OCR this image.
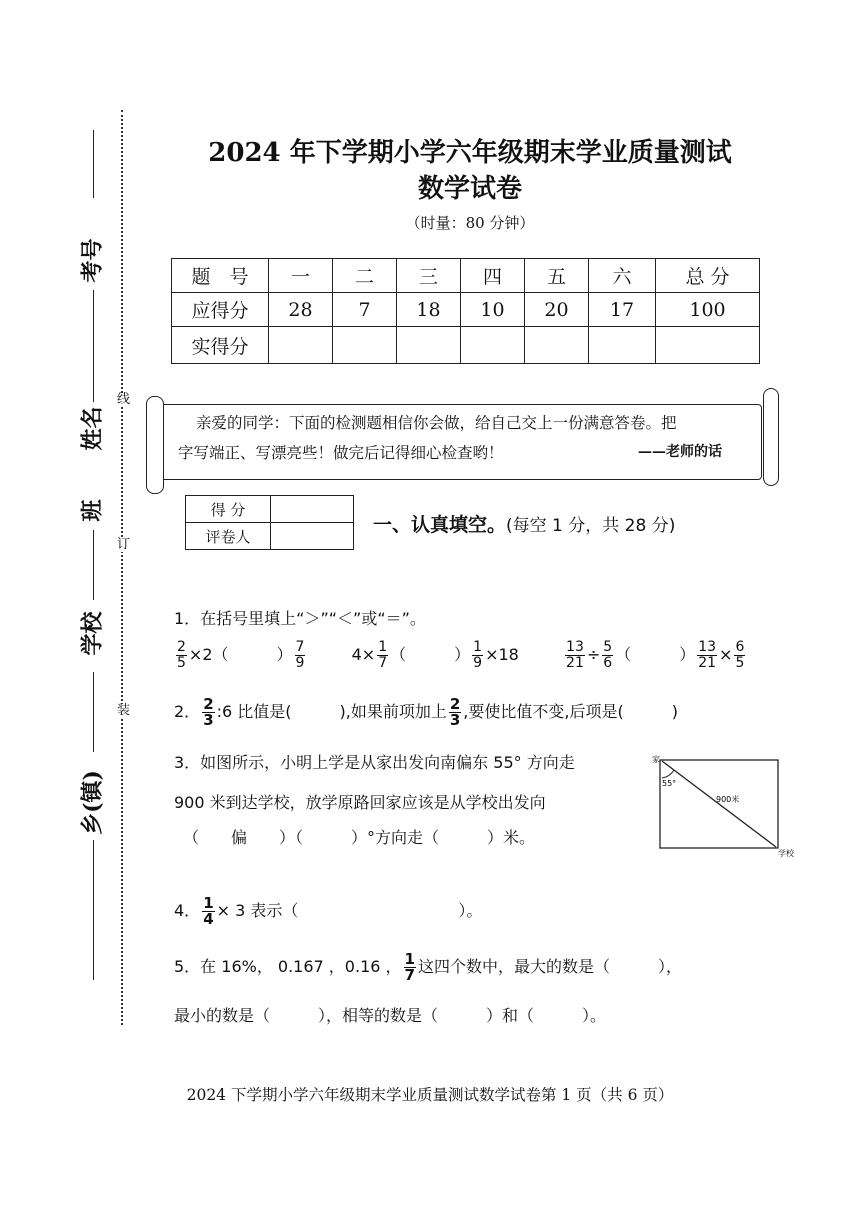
线
订
装
考号
姓名
班
学校
乡(镇)
2024 年下学期小学六年级期末学业质量测试
数学试卷
（时量：80 分钟）
题　号	一	二	三	四	五	六	总 分
应得分	28	7	18	10	20	17	100
实得分							

亲爱的同学：下面的检测题相信你会做，给自己交上一份满意答卷。把

字写端正、写漂亮些！做完后记得细心检查哟！	——老师的话

得 分	
评卷人	
一、认真填空。(每空 1 分，共 28 分)
1．在括号里填上“＞”“＜”或“＝”。
$\frac{2}{5} \times 2$（　　　） $\frac{7}{9}$	$4\times \frac{1}{7}$ （　　　） $\frac{1}{9} \times 18$	$\frac{13}{21} \div \frac{5}{6}$ （　　　） $\frac{13}{21} \times \frac{6}{5}$
2． $\frac{2}{3}$ :6 比值是(　　　),如果前项加上 $\frac{2}{3}$ ,要使比值不变,后项是(　　　)
3．如图所示，小明上学是从家出发向南偏东 55° 方向走
900 米到达学校，放学原路回家应该是从学校出发向
（　　偏　　）（　　　）°方向走（　　　）米。
家
55°
900米
学校
4． $\frac{1}{4} \times 3$ 表示（　　　　　　　　　　）。
5．在 16%， 0.167 ，0.16 ， $\frac{1}{7}$ 这四个数中，最大的数是（　　　），
最小的数是（　　　），相等的数是（　　　）和（　　　）。
2024 下学期小学六年级期末学业质量测试数学试卷第 1 页（共 6 页）
